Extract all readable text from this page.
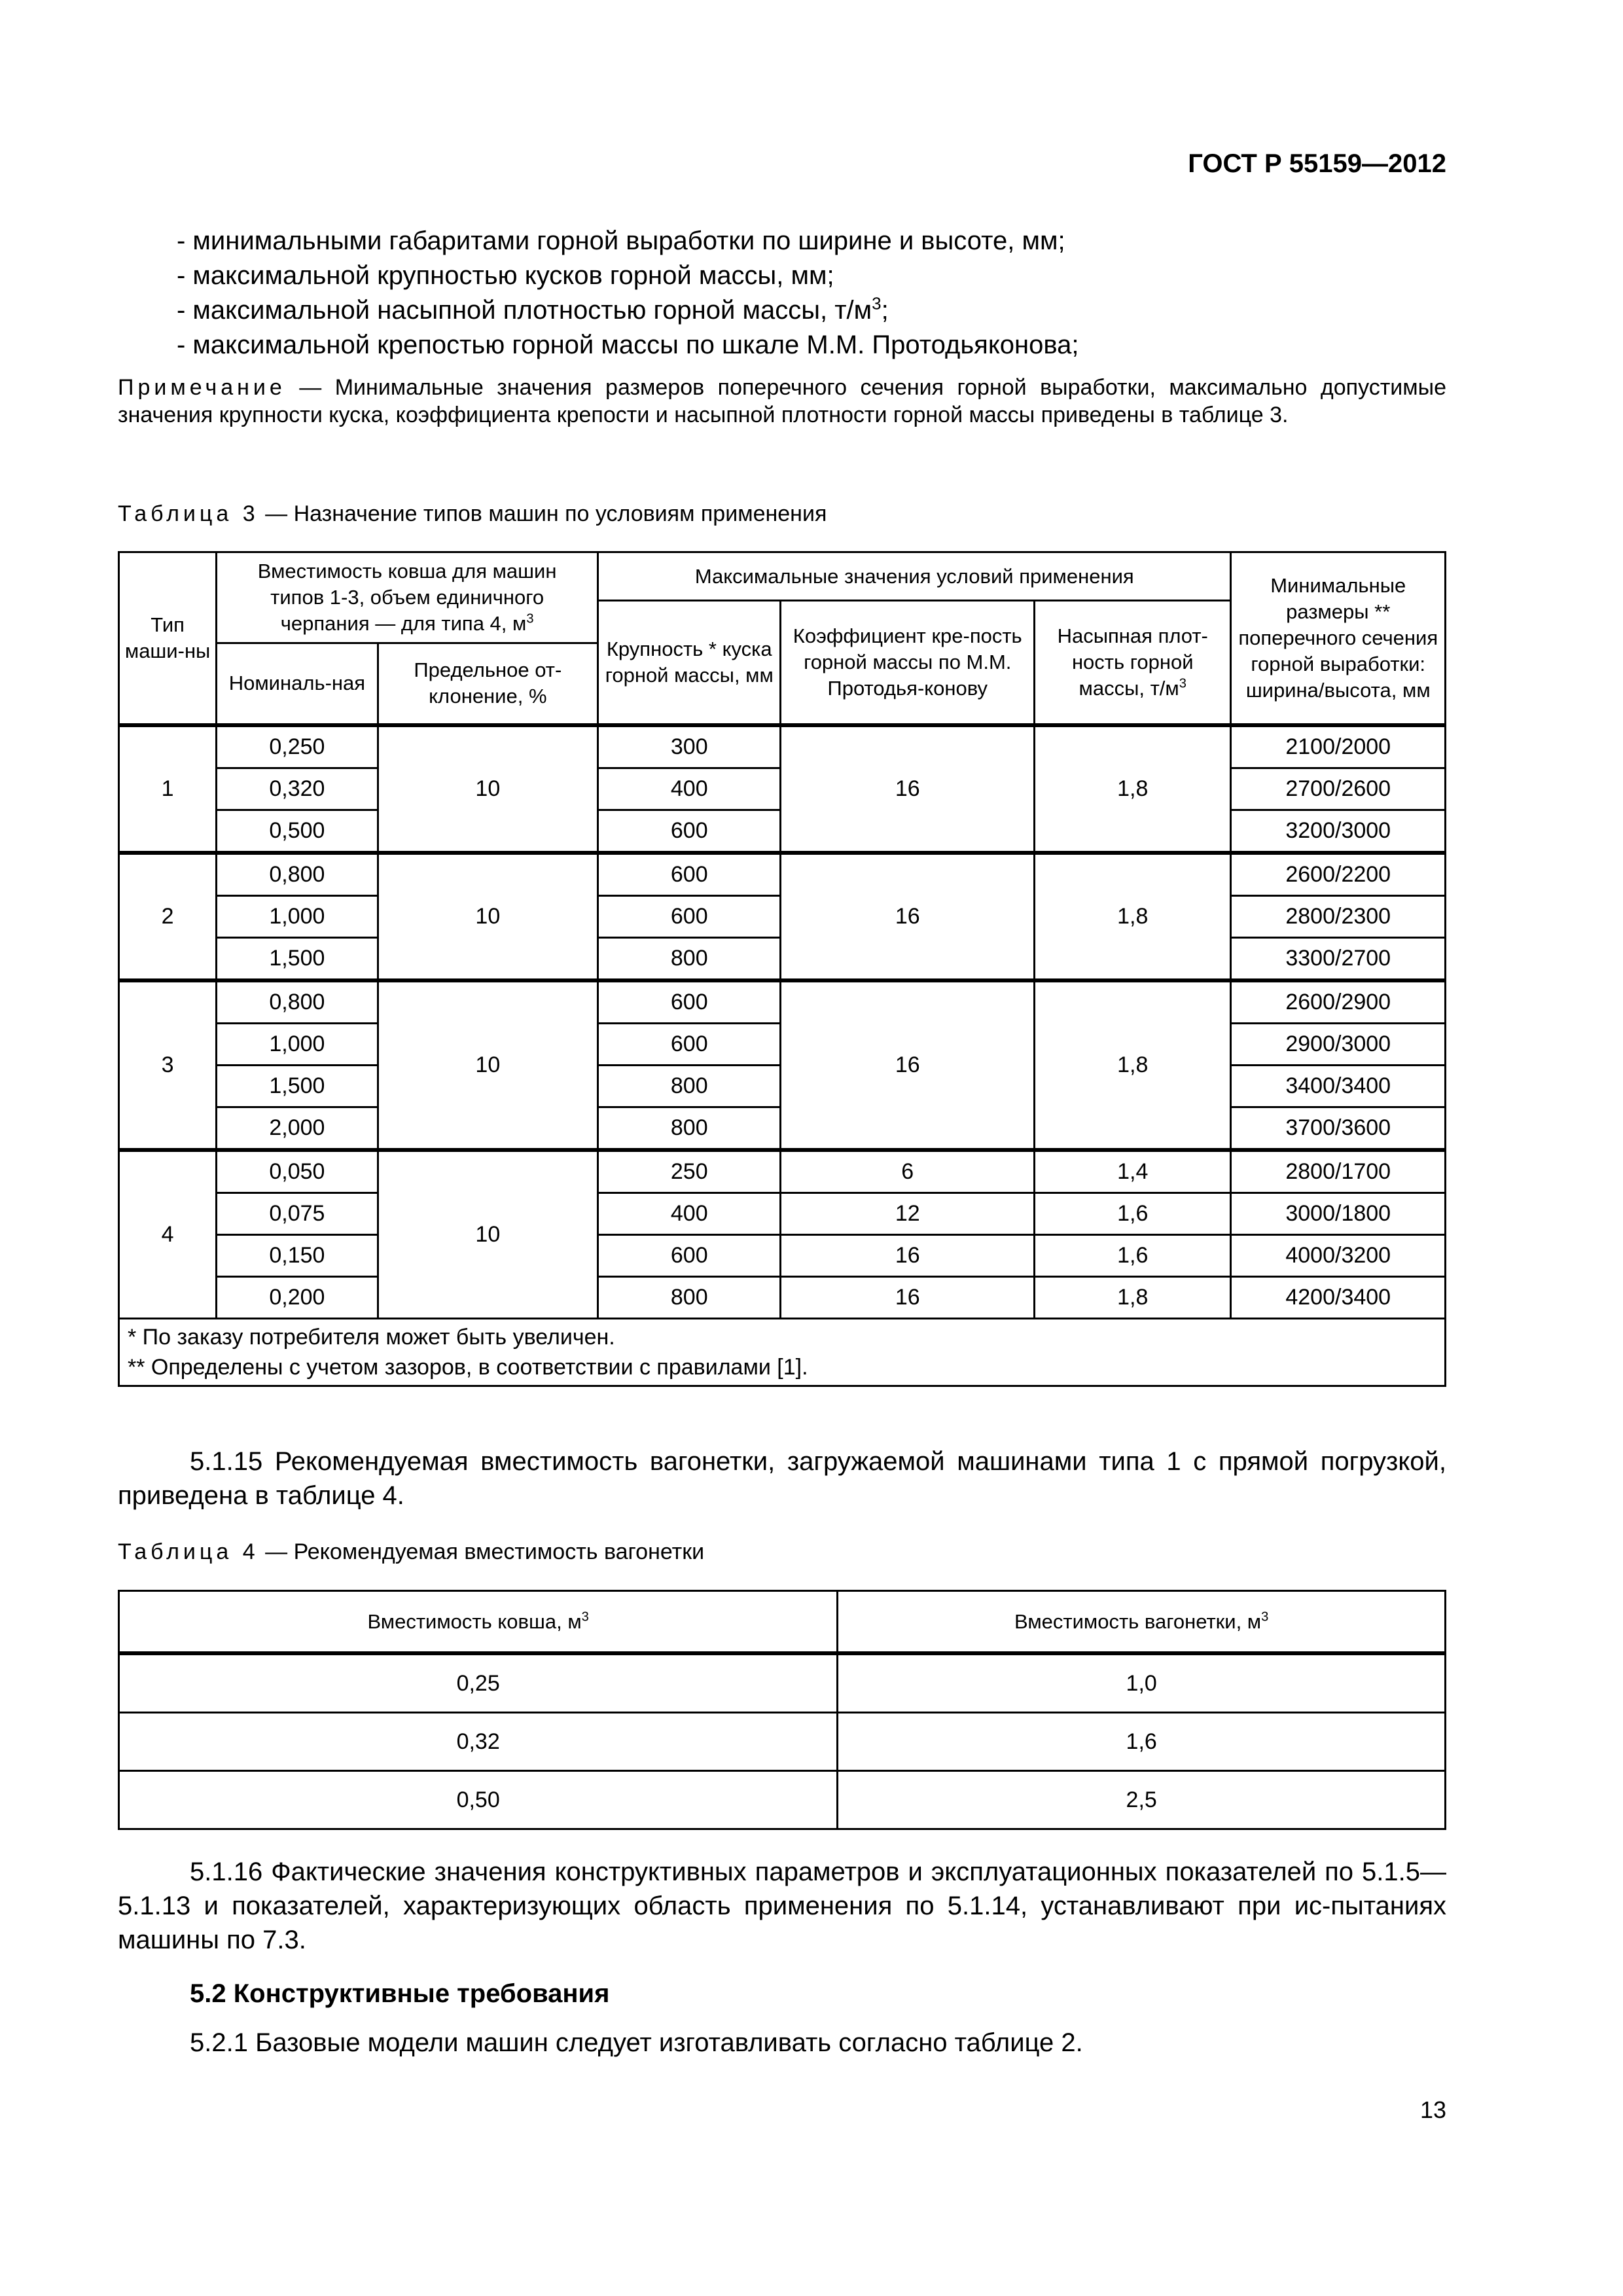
ГОСТ Р 55159—2012
- минимальными габаритами горной выработки по ширине и высоте, мм;
- максимальной крупностью кусков горной массы, мм;
- максимальной насыпной плотностью горной массы, $т/м^3$;
- максимальной крепостью горной массы по шкале М.М. Протодьяконова;
Примечание — Минимальные значения размеров поперечного сечения горной выработки, максимально допустимые значения крупности куска, коэффициента крепости и насыпной плотности горной массы приведены в таблице 3.
Таблица 3 — Назначение типов машин по условиям применения
Тип маши-ны	Вместимость ковша для машин типов 1-3, объем единичного черпания — для типа 4, $м^3$		Максимальные значения условий применения			Минимальные размеры ** поперечного сечения горной выработки: ширина/высота, мм
			Крупность * куска горной массы, мм	Коэффициент кре-пость горной массы по М.М. Протодья-конову	Насыпная плот-ность горной массы, $т/м^3$
	Номиналь-ная	Предельное от-клонение, %				
1	0,250	10	300	16	1,8	2100/2000
	0,320		400			2700/2600
	0,500		600			3200/3000
2	0,800	10	600	16	1,8	2600/2200
	1,000		600			2800/2300
	1,500		800			3300/2700
3	0,800	10	600	16	1,8	2600/2900
	1,000		600			2900/3000
	1,500		800			3400/3400
	2,000		800			3700/3600
4	0,050	10	250	6	1,4	2800/1700
	0,075		400	12	1,6	3000/1800
	0,150		600	16	1,6	4000/3200
	0,200		800	16	1,8	4200/3400

* По заказу потребителя может быть увеличен.
** Определены с учетом зазоров, в соответствии с правилами [1].						
5.1.15 Рекомендуемая вместимость вагонетки, загружаемой машинами типа 1 с прямой погрузкой, приведена в таблице 4.
Таблица 4 — Рекомендуемая вместимость вагонетки
Вместимость ковша, $м^3$	Вместимость вагонетки, $м^3$
0,25	1,0
0,32	1,6
0,50	2,5
5.1.16 Фактические значения конструктивных параметров и эксплуатационных показателей по 5.1.5—5.1.13 и показателей, характеризующих область применения по 5.1.14, устанавливают при ис-пытаниях машины по 7.3.
5.2 Конструктивные требования
5.2.1 Базовые модели машин следует изготавливать согласно таблице 2.
13
